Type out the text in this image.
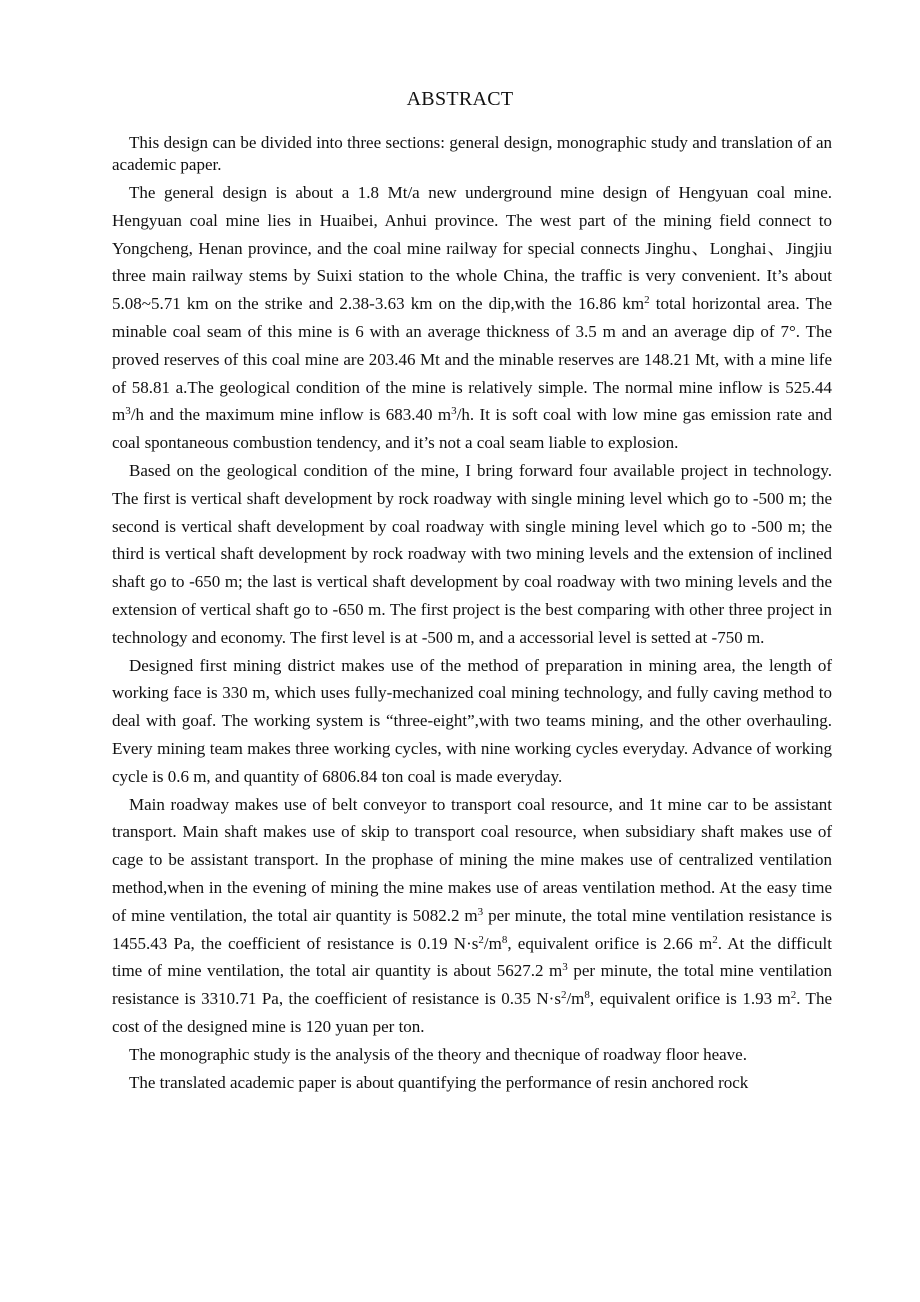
ABSTRACT

This design can be divided into three sections: general design, monographic study and translation of an academic paper.

The general design is about a 1.8 Mt/a new underground mine design of Hengyuan coal mine. Hengyuan coal mine lies in Huaibei, Anhui province. The west part of the mining field connect to Yongcheng, Henan province, and the coal mine railway for special connects Jinghu、Longhai、Jingjiu three main railway stems by Suixi station to the whole China, the traffic is very convenient. It’s about 5.08~5.71 km on the strike and 2.38-3.63 km on the dip,with the 16.86 $km^2$ total horizontal area. The minable coal seam of this mine is 6 with an average thickness of 3.5 m and an average dip of 7°. The proved reserves of this coal mine are 203.46 Mt and the minable reserves are 148.21 Mt, with a mine life of 58.81 a.The geological condition of the mine is relatively simple. The normal mine inflow is 525.44 $m^3/h$ and the maximum mine inflow is 683.40 $m^3/h$. It is soft coal with low mine gas emission rate and coal spontaneous combustion tendency, and it’s not a coal seam liable to explosion.

Based on the geological condition of the mine, I bring forward four available project in technology. The first is vertical shaft development by rock roadway with single mining level which go to -500 m; the second is vertical shaft development by coal roadway with single mining level which go to -500 m; the third is vertical shaft development by rock roadway with two mining levels and the extension of inclined shaft go to -650 m; the last is vertical shaft development by coal roadway with two mining levels and the extension of vertical shaft go to -650 m. The first project is the best comparing with other three project in technology and economy. The first level is at -500 m, and a accessorial level is setted at -750 m.

Designed first mining district makes use of the method of preparation in mining area, the length of working face is 330 m, which uses fully-mechanized coal mining technology, and fully caving method to deal with goaf. The working system is “three-eight”,with two teams mining, and the other overhauling. Every mining team makes three working cycles, with nine working cycles everyday. Advance of working cycle is 0.6 m, and quantity of 6806.84 ton coal is made everyday.

Main roadway makes use of belt conveyor to transport coal resource, and 1t mine car to be assistant transport. Main shaft makes use of skip to transport coal resource, when subsidiary shaft makes use of cage to be assistant transport. In the prophase of mining the mine makes use of centralized ventilation method,when in the evening of mining the mine makes use of areas ventilation method. At the easy time of mine ventilation, the total air quantity is 5082.2 $m^3$ per minute, the total mine ventilation resistance is 1455.43 Pa, the coefficient of resistance is 0.19 $N\cdot s^2/m^8$, equivalent orifice is 2.66 $m^2$. At the difficult time of mine ventilation, the total air quantity is about 5627.2 $m^3$ per minute, the total mine ventilation resistance is 3310.71 Pa, the coefficient of resistance is 0.35 $N\cdot s^2/m^8$, equivalent orifice is 1.93 $m^2$. The cost of the designed mine is 120 yuan per ton.

The monographic study is the analysis of the theory and thecnique of roadway floor heave.

The translated academic paper is about quantifying the performance of resin anchored rock
